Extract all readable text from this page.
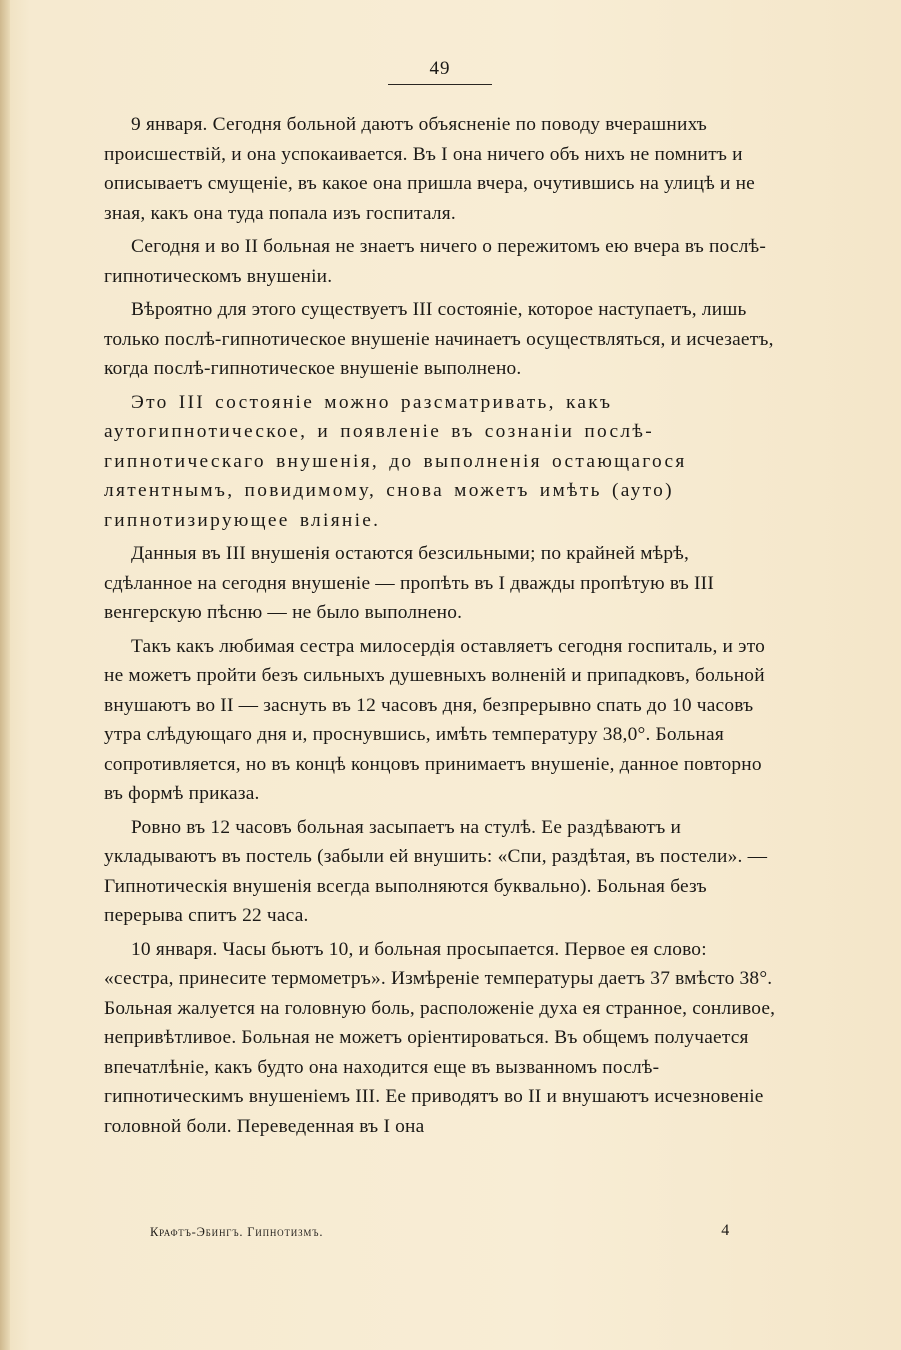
49
9 января. Сегодня больной даютъ объясненіе по поводу вчерашнихъ происшествій, и она успокаивается. Въ I она ничего объ нихъ не помнитъ и описываетъ смущеніе, въ какое она пришла вчера, очутившись на улицѣ и не зная, какъ она туда попала изъ госпиталя.
Сегодня и во II больная не знаетъ ничего о пережитомъ ею вчера въ послѣ-гипнотическомъ внушеніи.
Вѣроятно для этого существуетъ III состояніе, которое наступаетъ, лишь только послѣ-гипнотическое внушеніе начинаетъ осуществляться, и исчезаетъ, когда послѣ-гипнотическое внушеніе выполнено.
Это III состояніе можно разсматривать, какъ аутогипнотическое, и появленіе въ сознаніи послѣ-гипнотическаго внушенія, до выполненія остающагося лятентнымъ, повидимому, снова можетъ имѣть (ауто) гипнотизирующее вліяніе.
Данныя въ III внушенія остаются безсильными; по крайней мѣрѣ, сдѣланное на сегодня внушеніе — пропѣть въ I дважды пропѣтую въ III венгерскую пѣсню — не было выполнено.
Такъ какъ любимая сестра милосердія оставляетъ сегодня госпиталь, и это не можетъ пройти безъ сильныхъ душевныхъ волненій и припадковъ, больной внушаютъ во II — заснуть въ 12 часовъ дня, безпрерывно спать до 10 часовъ утра слѣдующаго дня и, проснувшись, имѣть температуру 38,0°. Больная сопротивляется, но въ концѣ концовъ принимаетъ внушеніе, данное повторно въ формѣ приказа.
Ровно въ 12 часовъ больная засыпаетъ на стулѣ. Ее раздѣваютъ и укладываютъ въ постель (забыли ей внушить: «Спи, раздѣтая, въ постели». — Гипнотическія внушенія всегда выполняются буквально). Больная безъ перерыва спитъ 22 часа.
10 января. Часы бьютъ 10, и больная просыпается. Первое ея слово: «сестра, принесите термометръ». Измѣреніе температуры даетъ 37 вмѣсто 38°. Больная жалуется на головную боль, расположеніе духа ея странное, сонливое, непривѣтливое. Больная не можетъ оріентироваться. Въ общемъ получается впечатлѣніе, какъ будто она находится еще въ вызванномъ послѣ-гипнотическимъ внушеніемъ III. Ее приводятъ во II и внушаютъ исчезновеніе головной боли. Переведенная въ I она
Крафтъ-Эбингъ. Гипнотизмъ.	4
